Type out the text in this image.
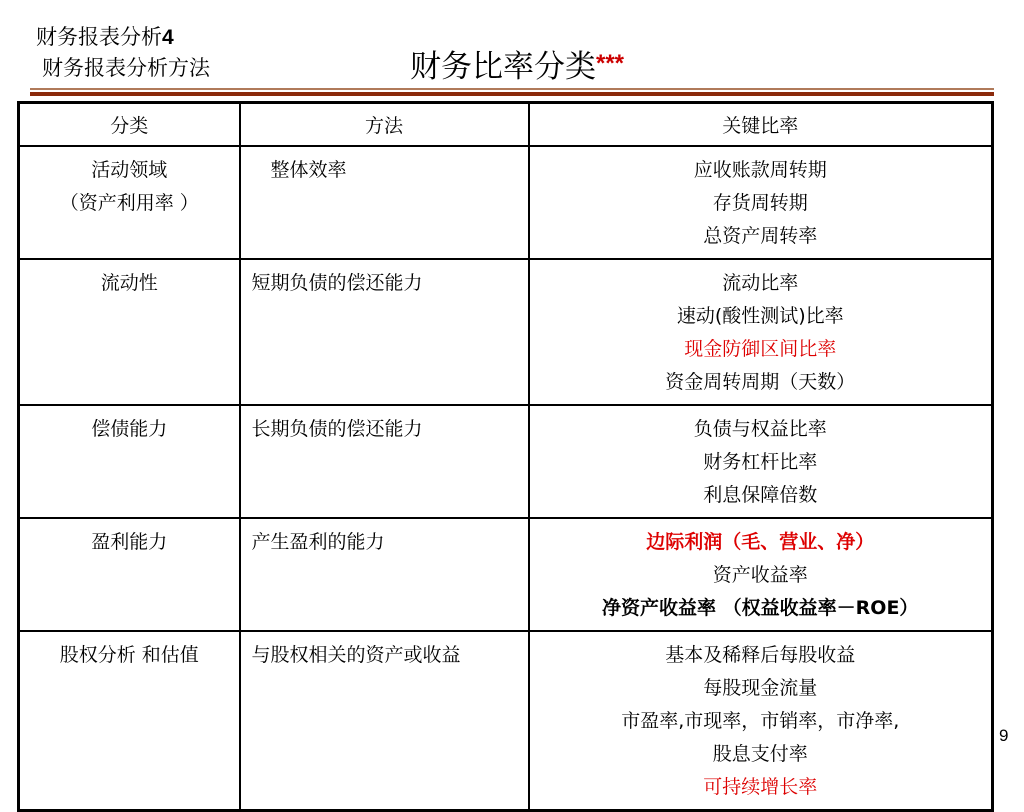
财务报表分析4
财务报表分析方法	财务比率分类***
分类	方法	关键比率

活动领域
（资产利用率 ）	整体效率	应收账款周转期
存货周转期
总资产周转率

流动性	短期负债的偿还能力	流动比率
速动(酸性测试)比率
现金防御区间比率
资金周转周期（天数）

偿债能力	长期负债的偿还能力	负债与权益比率
财务杠杆比率
利息保障倍数

盈利能力	产生盈利的能力	边际利润（毛、营业、净）
资产收益率
净资产收益率 （权益收益率－ROE）

股权分析 和估值	与股权相关的资产或收益	基本及稀释后每股收益
每股现金流量
市盈率,市现率，市销率，市净率,
股息支付率
可持续增长率
9
